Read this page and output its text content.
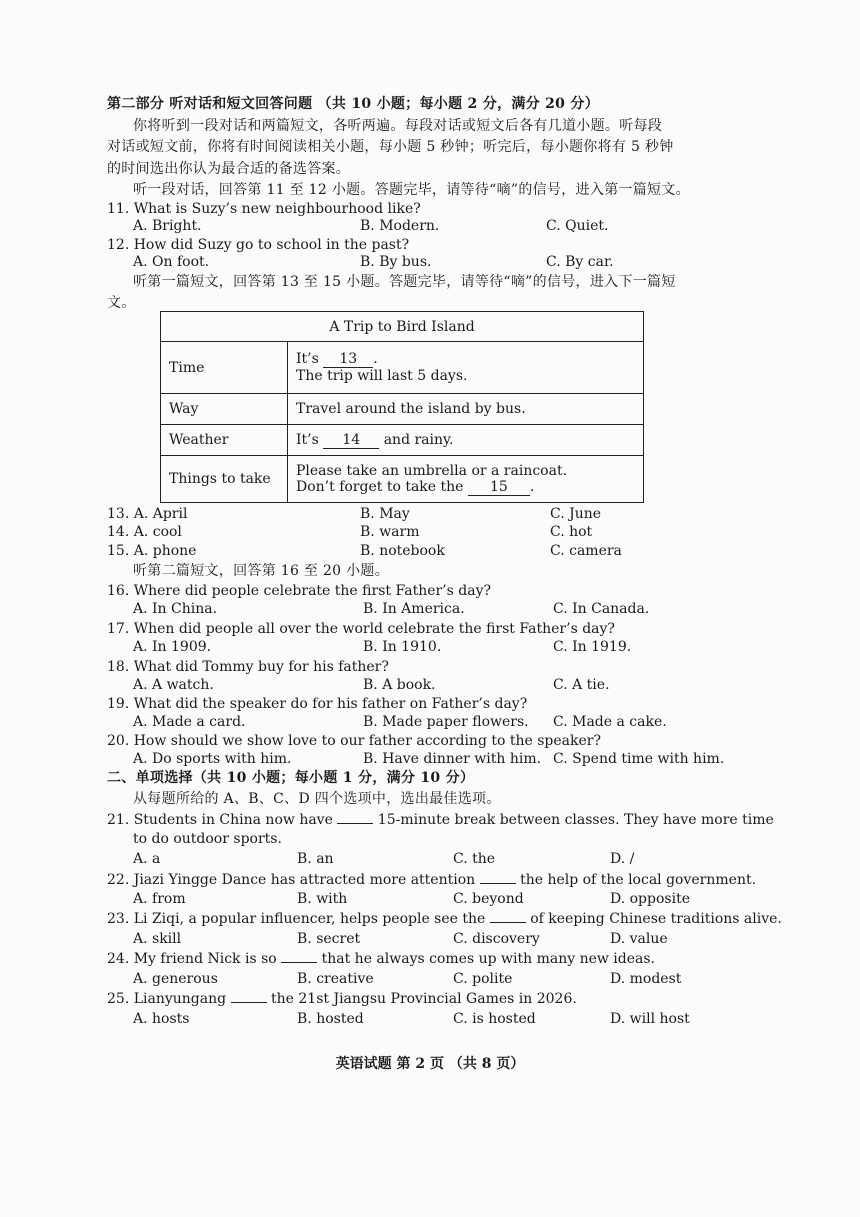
第二部分 听对话和短文回答问题 （共 10 小题；每小题 2 分，满分 20 分）
你将听到一段对话和两篇短文，各听两遍。每段对话或短文后各有几道小题。听每段
对话或短文前，你将有时间阅读相关小题，每小题 5 秒钟；听完后，每小题你将有 5 秒钟
的时间选出你认为最合适的备选答案。
听一段对话，回答第 11 至 12 小题。答题完毕，请等待“嘀”的信号，进入第一篇短文。
11. What is Suzy’s new neighbourhood like?
A. Bright.	B. Modern.	C. Quiet.
12. How did Suzy go to school in the past?
A. On foot.	B. By bus.	C. By car.
听第一篇短文，回答第 13 至 15 小题。答题完毕，请等待“嘀”的信号，进入下一篇短
文。
A Trip to Bird Island	
Time	It’s 13 .
The trip will last 5 days.
Way	Travel around the island by bus.
Weather	It’s 14 and rainy.
Things to take	Please take an umbrella or a raincoat.
Don’t forget to take the 15 .
13. A. April	B. May	C. June
14. A. cool	B. warm	C. hot
15. A. phone	B. notebook	C. camera
听第二篇短文，回答第 16 至 20 小题。
16. Where did people celebrate the first Father’s day?
A. In China.	B. In America.	C. In Canada.
17. When did people all over the world celebrate the first Father’s day?
A. In 1909.	B. In 1910.	C. In 1919.
18. What did Tommy buy for his father?
A. A watch.	B. A book.	C. A tie.
19. What did the speaker do for his father on Father’s day?
A. Made a card.	B. Made paper flowers. C. Made a cake.
20. How should we show love to our father according to the speaker?
A. Do sports with him.	B. Have dinner with him. C. Spend time with him.
二、单项选择（共 10 小题；每小题 1 分，满分 10 分）
从每题所给的 A、B、C、D 四个选项中，选出最佳选项。
21. Students in China now have	15-minute break between classes. They have more time
to do outdoor sports.
A. a	B. an	C. the	D. /
22. Jiazi Yingge Dance has attracted more attention	the help of the local government.
A. from	B. with	C. beyond	D. opposite
23. Li Ziqi, a popular influencer, helps people see the	of keeping Chinese traditions alive.
A. skill	B. secret	C. discovery	D. value
24. My friend Nick is so	that he always comes up with many new ideas.
A. generous	B. creative	C. polite	D. modest
25. Lianyungang	the 21st Jiangsu Provincial Games in 2026.
A. hosts	B. hosted	C. is hosted	D. will host
英语试题 第 2 页 （共 8 页）
